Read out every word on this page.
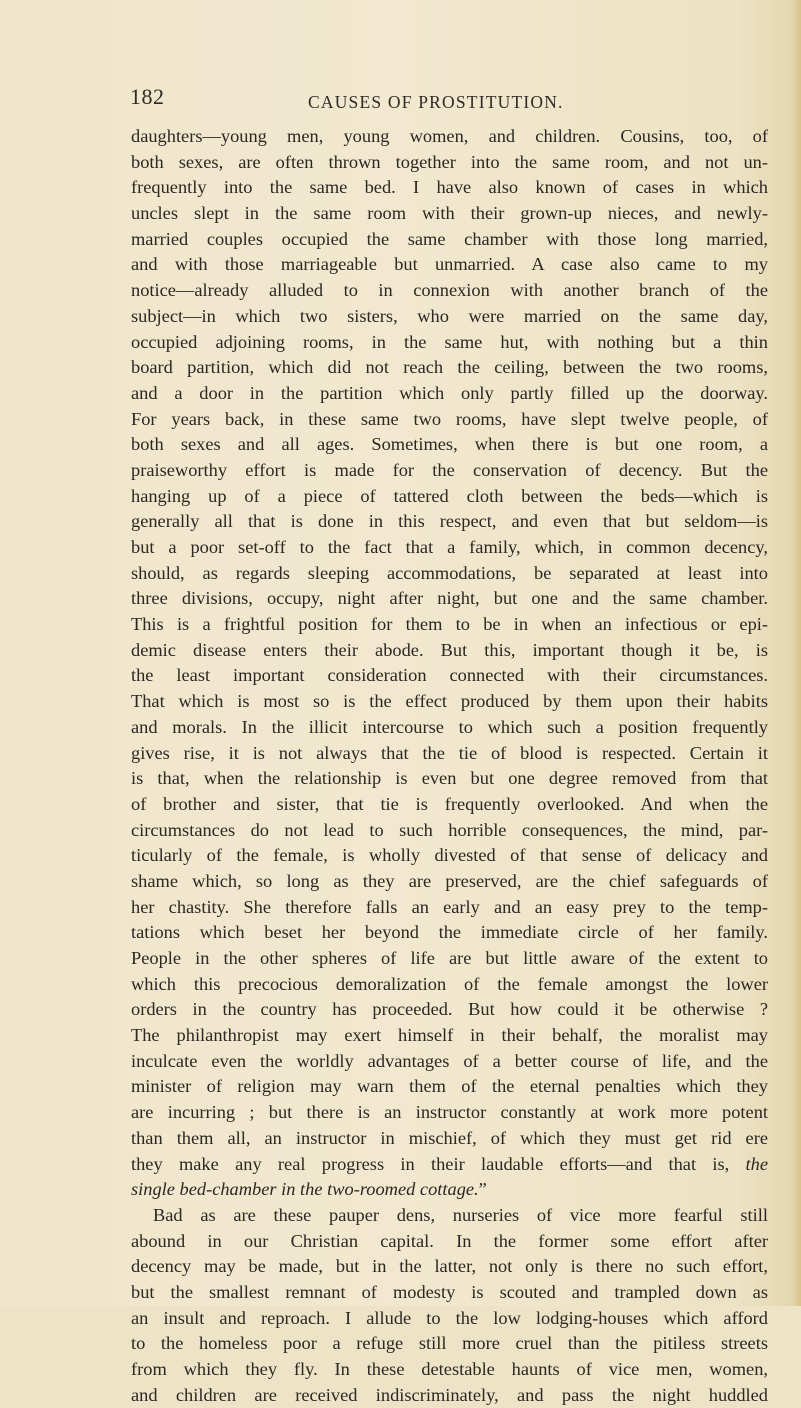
182	CAUSES OF PROSTITUTION.
daughters—young men, young women, and children. Cousins, too, of
both sexes, are often thrown together into the same room, and not un-
frequently into the same bed. I have also known of cases in which
uncles slept in the same room with their grown-up nieces, and newly-
married couples occupied the same chamber with those long married,
and with those marriageable but unmarried. A case also came to my
notice—already alluded to in connexion with another branch of the
subject—in which two sisters, who were married on the same day,
occupied adjoining rooms, in the same hut, with nothing but a thin
board partition, which did not reach the ceiling, between the two rooms,
and a door in the partition which only partly filled up the doorway.
For years back, in these same two rooms, have slept twelve people, of
both sexes and all ages. Sometimes, when there is but one room, a
praiseworthy effort is made for the conservation of decency. But the
hanging up of a piece of tattered cloth between the beds—which is
generally all that is done in this respect, and even that but seldom—is
but a poor set-off to the fact that a family, which, in common decency,
should, as regards sleeping accommodations, be separated at least into
three divisions, occupy, night after night, but one and the same chamber.
This is a frightful position for them to be in when an infectious or epi-
demic disease enters their abode. But this, important though it be, is
the least important consideration connected with their circumstances.
That which is most so is the effect produced by them upon their habits
and morals. In the illicit intercourse to which such a position frequently
gives rise, it is not always that the tie of blood is respected. Certain it
is that, when the relationship is even but one degree removed from that
of brother and sister, that tie is frequently overlooked. And when the
circumstances do not lead to such horrible consequences, the mind, par-
ticularly of the female, is wholly divested of that sense of delicacy and
shame which, so long as they are preserved, are the chief safeguards of
her chastity. She therefore falls an early and an easy prey to the temp-
tations which beset her beyond the immediate circle of her family.
People in the other spheres of life are but little aware of the extent to
which this precocious demoralization of the female amongst the lower
orders in the country has proceeded. But how could it be otherwise ?
The philanthropist may exert himself in their behalf, the moralist may
inculcate even the worldly advantages of a better course of life, and the
minister of religion may warn them of the eternal penalties which they
are incurring ; but there is an instructor constantly at work more potent
than them all, an instructor in mischief, of which they must get rid ere
they make any real progress in their laudable efforts—and that is, the
single bed-chamber in the two-roomed cottage.”
Bad as are these pauper dens, nurseries of vice more fearful still
abound in our Christian capital. In the former some effort after
decency may be made, but in the latter, not only is there no such effort,
but the smallest remnant of modesty is scouted and trampled down as
an insult and reproach. I allude to the low lodging-houses which afford
to the homeless poor a refuge still more cruel than the pitiless streets
from which they fly. In these detestable haunts of vice men, women,
and children are received indiscriminately, and pass the night huddled
